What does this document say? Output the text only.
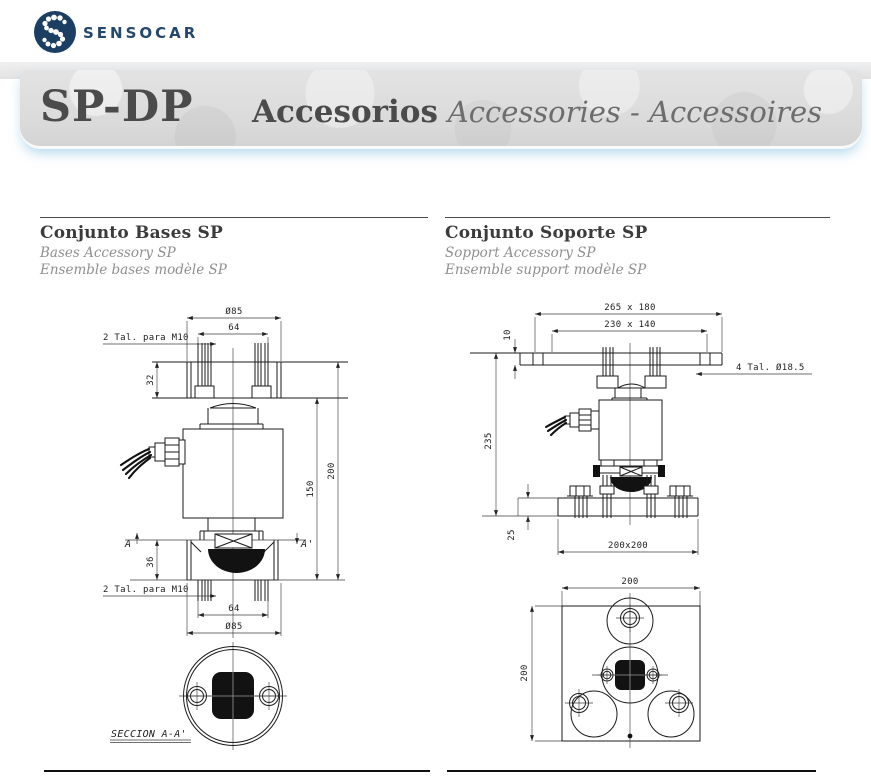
SENSOCAR
SP-DP Accesorios Accessories - Accessoires
Conjunto Bases SP

Bases Accessory SP

Ensemble bases modèle SP

Conjunto Soporte SP

Sopport Accessory SP

Ensemble support modèle SP

Ø85
64
2 Tal. para M10
32
A	A'
36
2 Tal. para M10
64
Ø85
150
200
SECCION A-A'
265 x 180
230 x 140
10
4 Tal. Ø18.5
235
25
200x200
200
200
